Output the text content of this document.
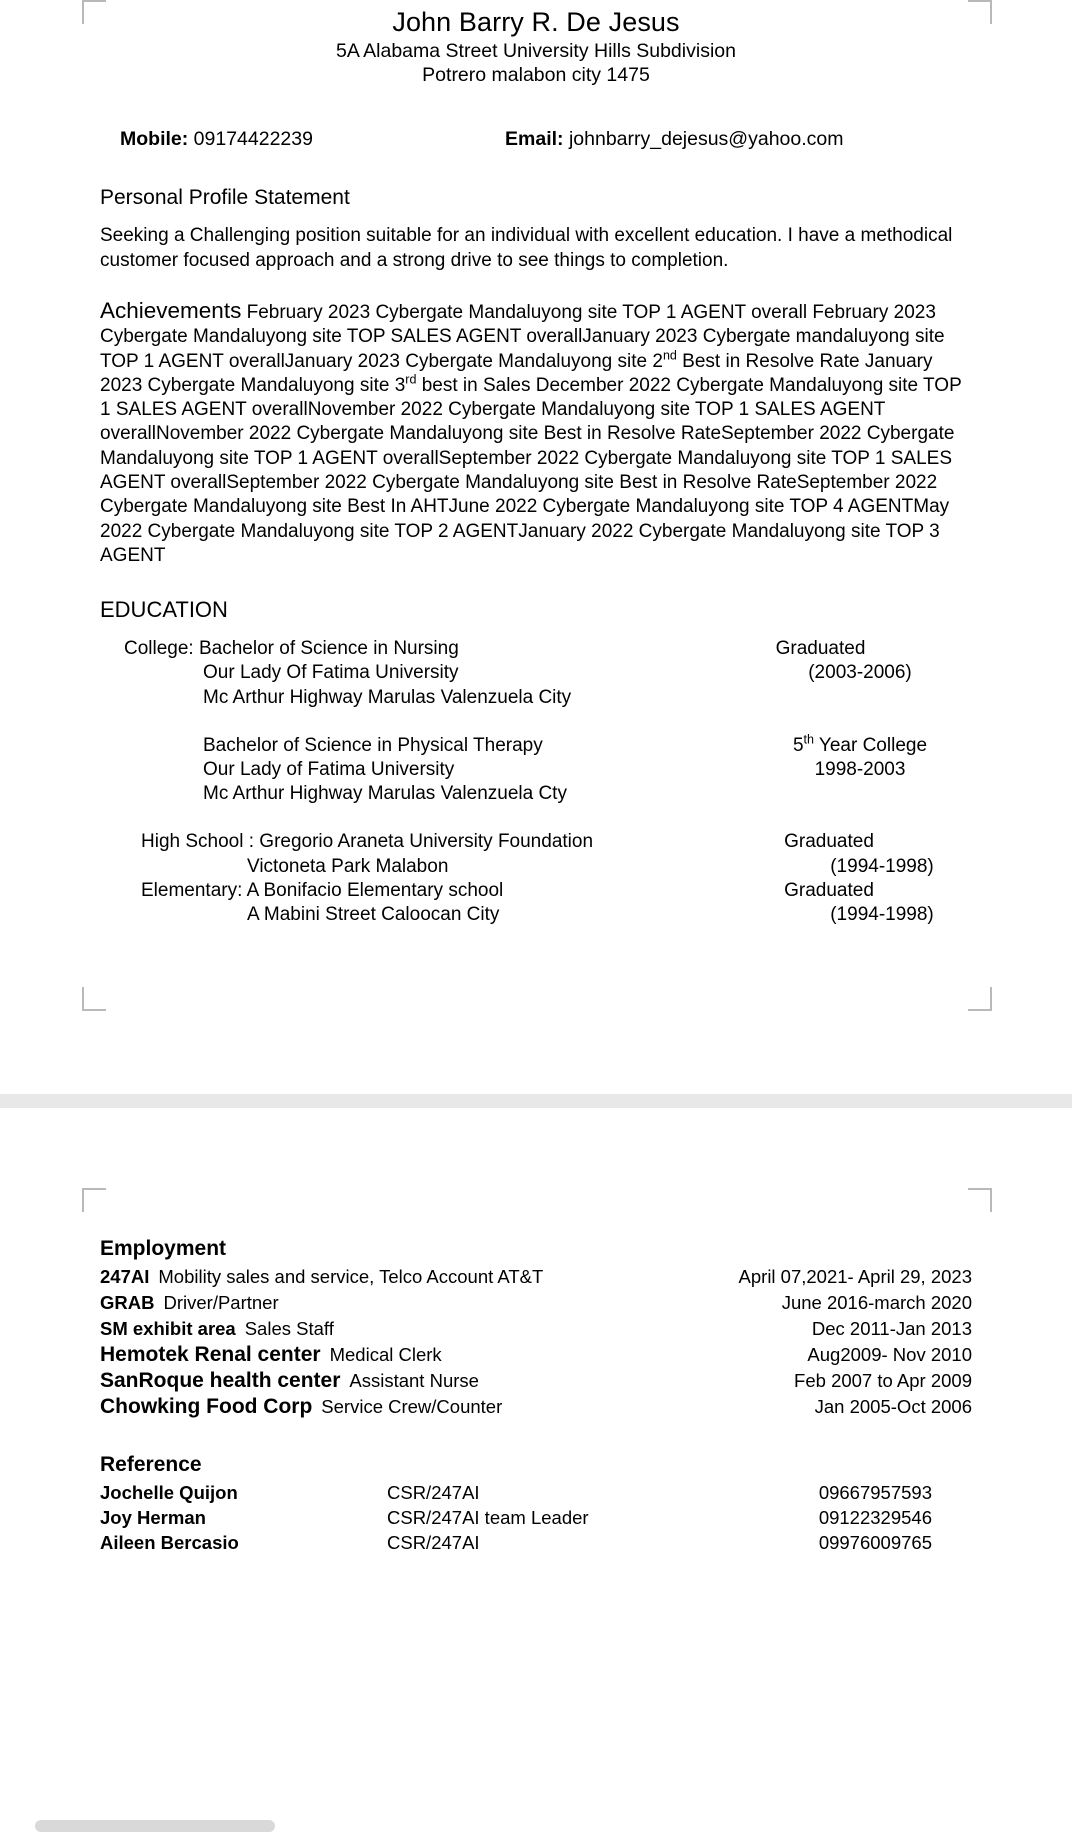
John Barry R. De Jesus
5A Alabama Street University Hills Subdivision
Potrero malabon city 1475
Mobile: 09174422239	Email: johnbarry_dejesus@yahoo.com
Personal Profile Statement
Seeking a Challenging position suitable for an individual with excellent education. I have a methodical customer focused approach and a strong drive to see things to completion.
Achievements February 2023 Cybergate Mandaluyong site TOP 1 AGENT overall February 2023 Cybergate Mandaluyong site TOP SALES AGENT overallJanuary 2023 Cybergate mandaluyong site TOP 1 AGENT overallJanuary 2023 Cybergate Mandaluyong site 2nd Best in Resolve Rate January 2023 Cybergate Mandaluyong site 3rd best in Sales December 2022 Cybergate Mandaluyong site TOP 1 SALES AGENT overallNovember 2022 Cybergate Mandaluyong site TOP 1 SALES AGENT overallNovember 2022 Cybergate Mandaluyong site Best in Resolve RateSeptember 2022 Cybergate Mandaluyong site TOP 1 AGENT overallSeptember 2022 Cybergate Mandaluyong site TOP 1 SALES AGENT overallSeptember 2022 Cybergate Mandaluyong site Best in Resolve RateSeptember 2022 Cybergate Mandaluyong site Best In AHTJune 2022 Cybergate Mandaluyong site TOP 4 AGENTMay 2022 Cybergate Mandaluyong site TOP 2 AGENTJanuary 2022 Cybergate Mandaluyong site TOP 3 AGENT
EDUCATION
College: Bachelor of Science in Nursing	Graduated
Our Lady Of Fatima University	(2003-2006)
Mc Arthur Highway Marulas Valenzuela City
Bachelor of Science in Physical Therapy	5th Year College
Our Lady of Fatima University	1998-2003
Mc Arthur Highway Marulas Valenzuela Cty
High School : Gregorio Araneta University Foundation	Graduated
Victoneta Park Malabon	(1994-1998)
Elementary: A Bonifacio Elementary school	Graduated
A Mabini Street Caloocan City	(1994-1998)
Employment
247AI Mobility sales and service, Telco Account AT&T	April 07,2021- April 29, 2023
GRAB Driver/Partner	June 2016-march 2020
SM exhibit area Sales Staff	Dec 2011-Jan 2013
Hemotek Renal center Medical Clerk	Aug2009- Nov 2010
SanRoque health center Assistant Nurse	Feb 2007 to Apr 2009
Chowking Food Corp Service Crew/Counter	Jan 2005-Oct 2006
Reference
Jochelle Quijon	CSR/247AI	09667957593
Joy Herman	CSR/247AI team Leader	09122329546
Aileen Bercasio	CSR/247AI	09976009765
